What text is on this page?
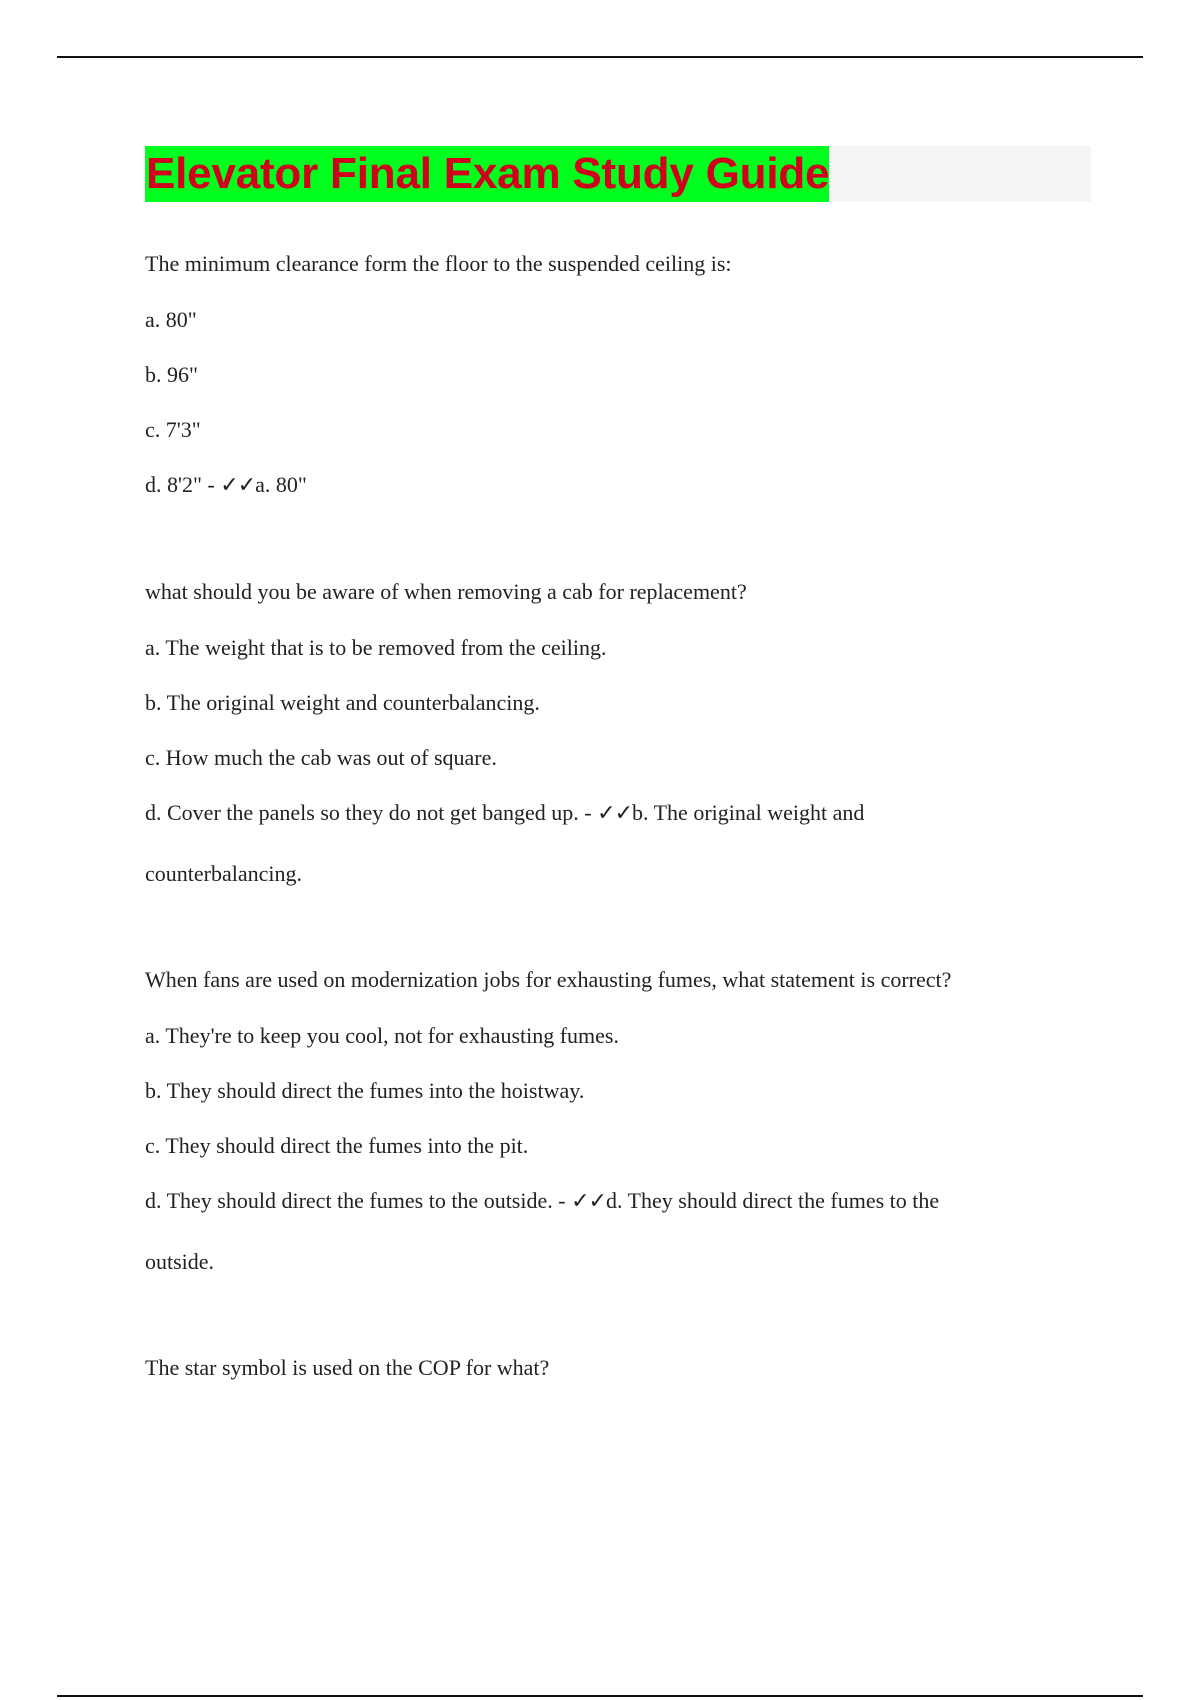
Elevator Final Exam Study Guide

The minimum clearance form the floor to the suspended ceiling is:

a. 80"

b. 96"

c. 7'3"

d. 8'2" - ✓✓a. 80"

what should you be aware of when removing a cab for replacement?

a. The weight that is to be removed from the ceiling.

b. The original weight and counterbalancing.

c. How much the cab was out of square.

d. Cover the panels so they do not get banged up. - ✓✓b. The original weight and

counterbalancing.

When fans are used on modernization jobs for exhausting fumes, what statement is correct?

a. They're to keep you cool, not for exhausting fumes.

b. They should direct the fumes into the hoistway.

c. They should direct the fumes into the pit.

d. They should direct the fumes to the outside. - ✓✓d. They should direct the fumes to the

outside.

The star symbol is used on the COP for what?
